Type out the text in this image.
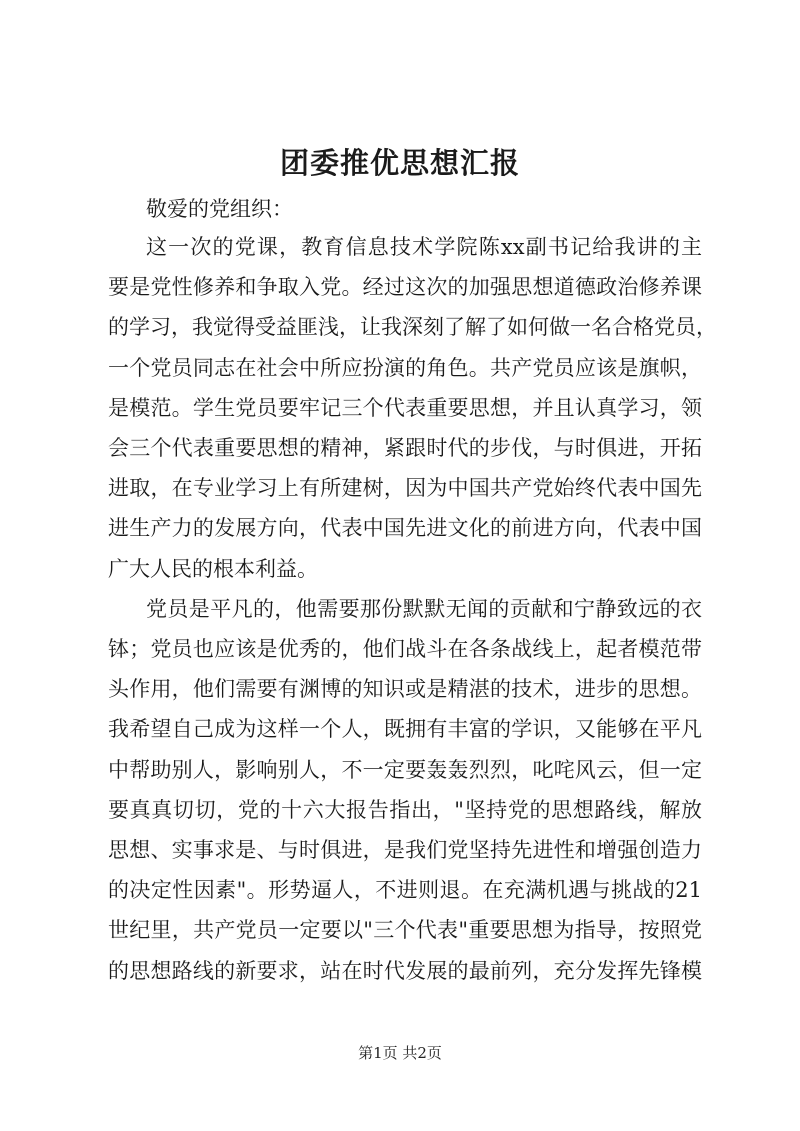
团委推优思想汇报
敬爱的党组织：

这一次的党课，教育信息技术学院陈xx副书记给我讲的主
要是党性修养和争取入党。经过这次的加强思想道德政治修养课
的学习，我觉得受益匪浅，让我深刻了解了如何做一名合格党员，
一个党员同志在社会中所应扮演的角色。共产党员应该是旗帜，
是模范。学生党员要牢记三个代表重要思想，并且认真学习，领
会三个代表重要思想的精神，紧跟时代的步伐，与时俱进，开拓
进取，在专业学习上有所建树，因为中国共产党始终代表中国先
进生产力的发展方向，代表中国先进文化的前进方向，代表中国
广大人民的根本利益。

党员是平凡的，他需要那份默默无闻的贡献和宁静致远的衣
钵；党员也应该是优秀的，他们战斗在各条战线上，起者模范带
头作用，他们需要有渊博的知识或是精湛的技术，进步的思想。
我希望自己成为这样一个人，既拥有丰富的学识，又能够在平凡
中帮助别人，影响别人，不一定要轰轰烈烈，叱咤风云，但一定
要真真切切，党的十六大报告指出，"坚持党的思想路线，解放
思想、实事求是、与时俱进，是我们党坚持先进性和增强创造力
的决定性因素"。形势逼人，不进则退。在充满机遇与挑战的21
世纪里，共产党员一定要以"三个代表"重要思想为指导，按照党
的思想路线的新要求，站在时代发展的最前列，充分发挥先锋模

第1页 共2页
